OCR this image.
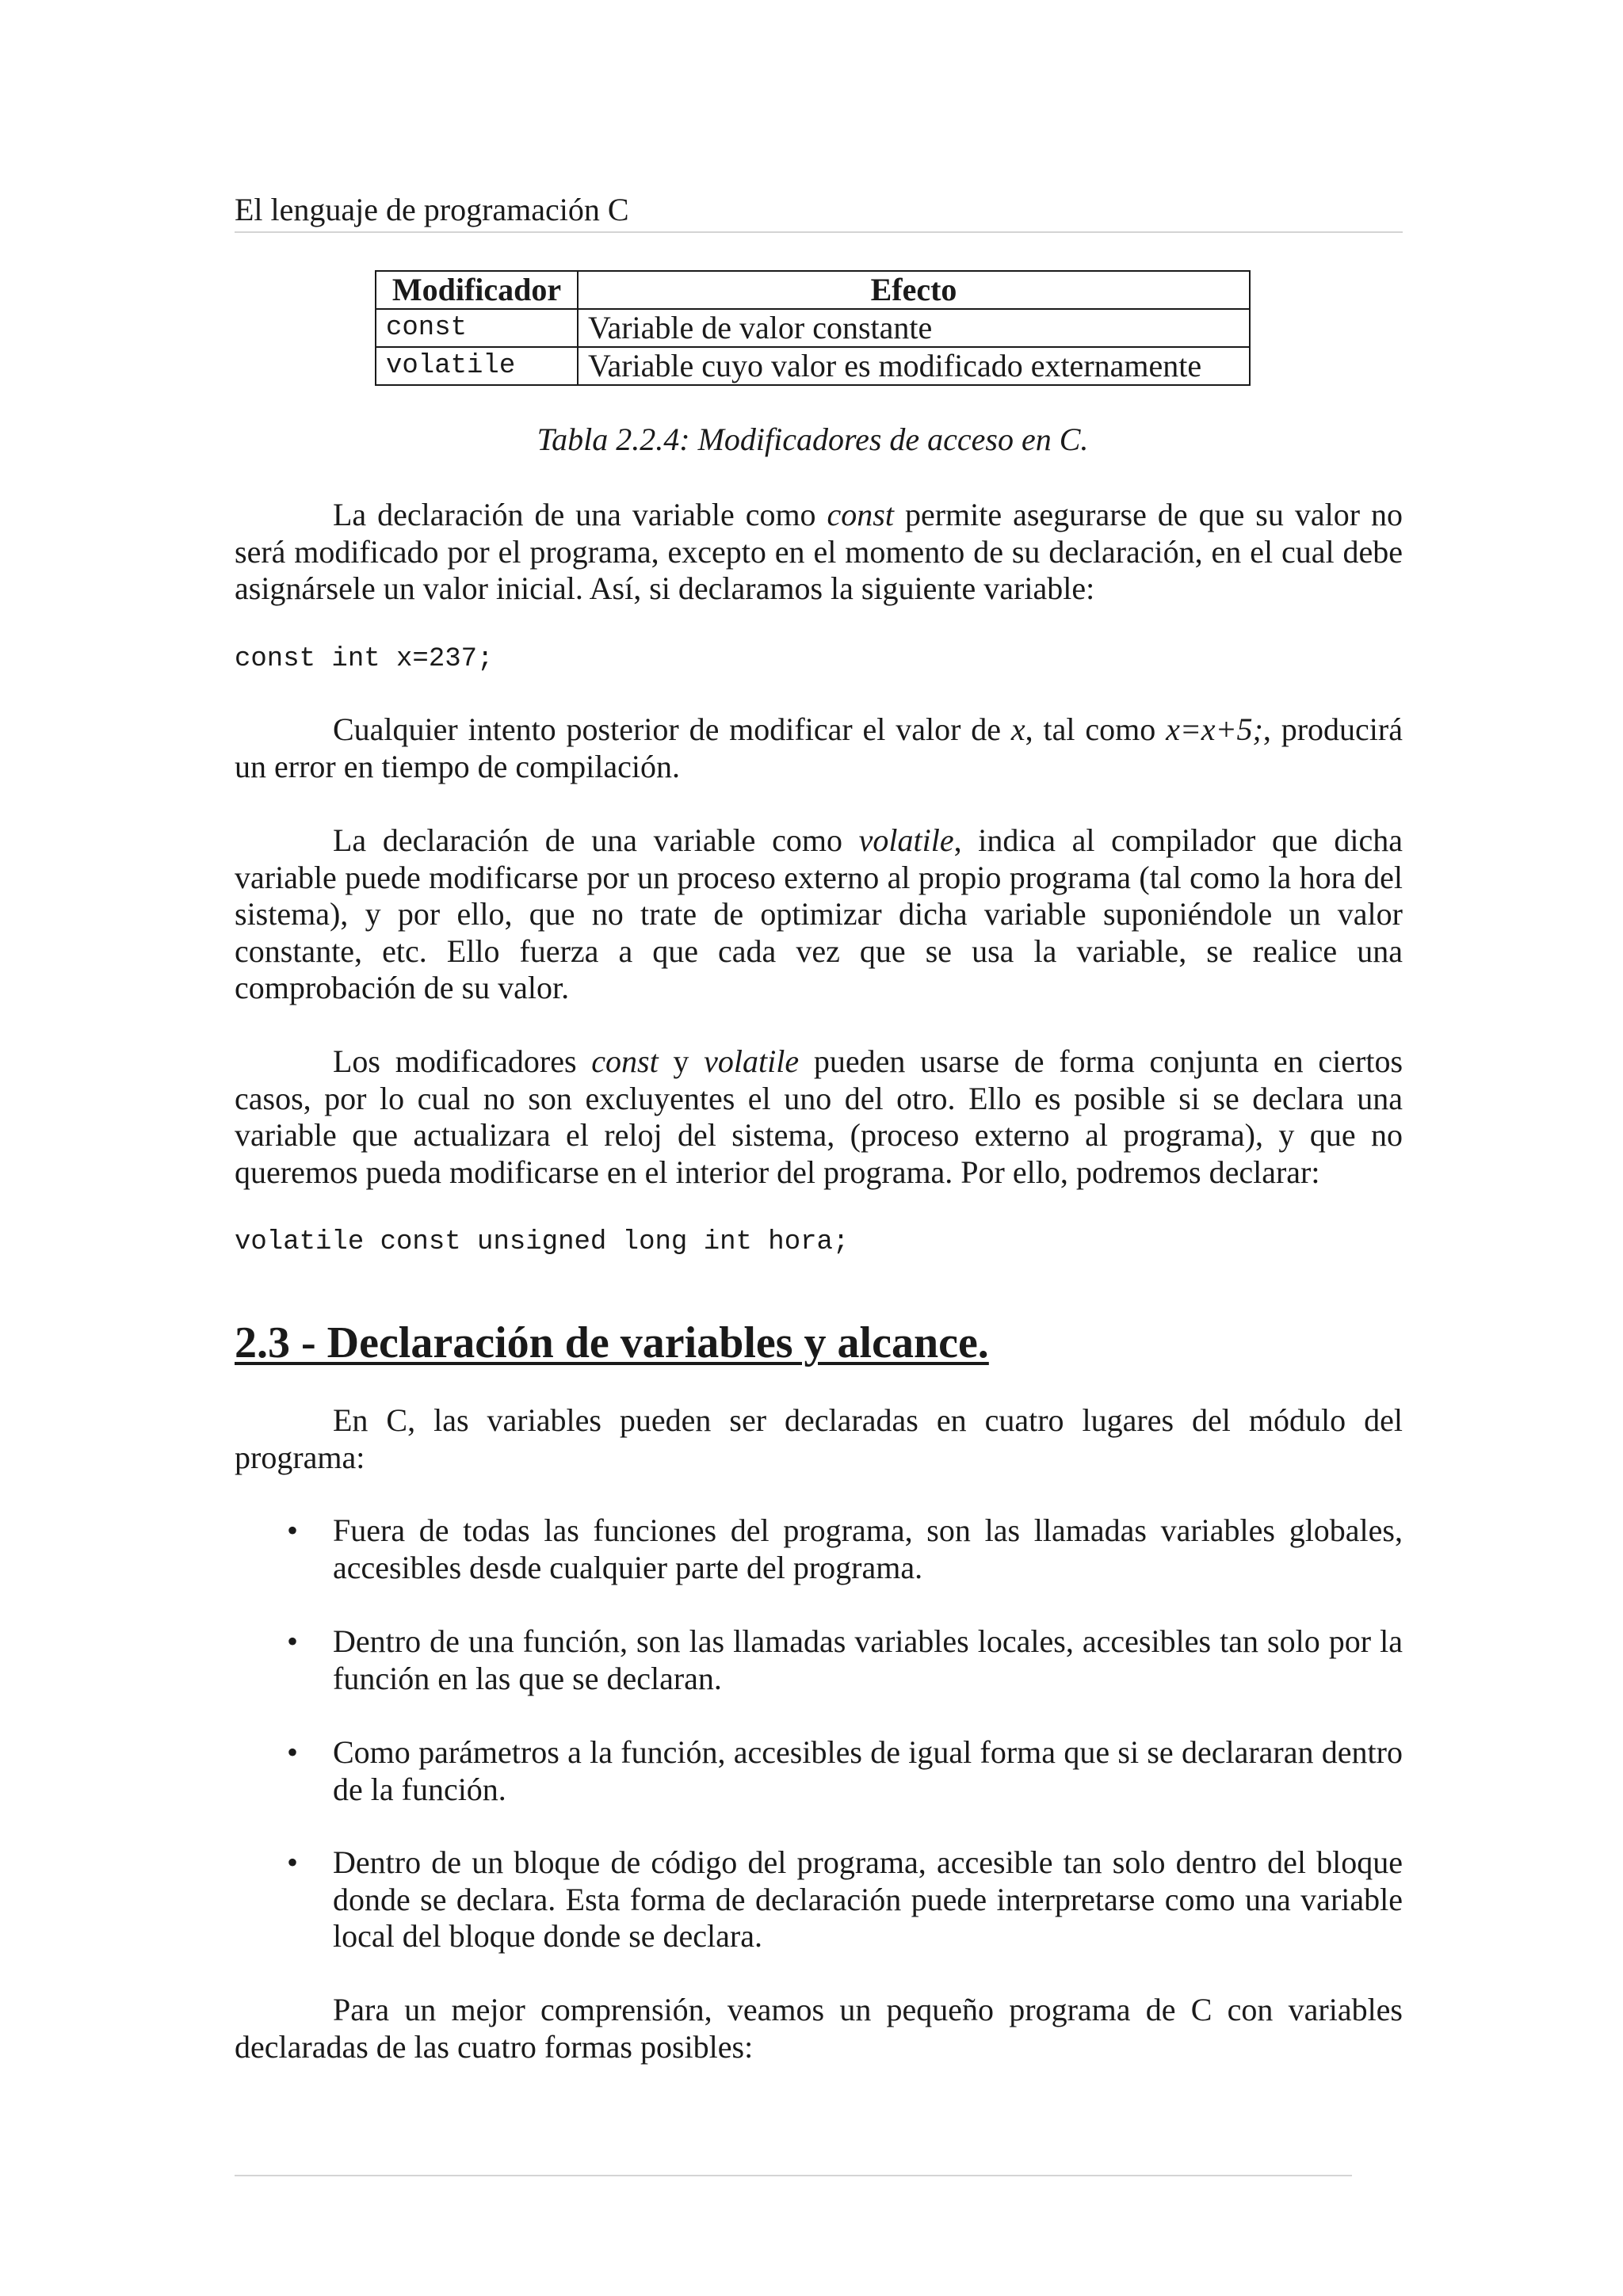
El lenguaje de programación C
Modificador	Efecto
const	Variable de valor constante
volatile	Variable cuyo valor es modificado externamente
Tabla 2.2.4: Modificadores de acceso en C.

La declaración de una variable como const permite asegurarse de que su valor no será modificado por el programa, excepto en el momento de su declaración, en el cual debe asignársele un valor inicial. Así, si declaramos la siguiente variable:

const int x=237;

Cualquier intento posterior de modificar el valor de x, tal como x=x+5;, producirá un error en tiempo de compilación.

La declaración de una variable como volatile, indica al compilador que dicha variable puede modificarse por un proceso externo al propio programa (tal como la hora del sistema), y por ello, que no trate de optimizar dicha variable suponiéndole un valor constante, etc. Ello fuerza a que cada vez que se usa la variable, se realice una comprobación de su valor.

Los modificadores const y volatile pueden usarse de forma conjunta en ciertos casos, por lo cual no son excluyentes el uno del otro. Ello es posible si se declara una variable que actualizara el reloj del sistema, (proceso externo al programa), y que no queremos pueda modificarse en el interior del programa. Por ello, podremos declarar:

volatile const unsigned long int hora;

2.3 - Declaración de variables y alcance.

En C, las variables pueden ser declaradas en cuatro lugares del módulo del programa:

• Fuera de todas las funciones del programa, son las llamadas variables globales, accesibles desde cualquier parte del programa.

• Dentro de una función, son las llamadas variables locales, accesibles tan solo por la función en las que se declaran.

• Como parámetros a la función, accesibles de igual forma que si se declararan dentro de la función.

• Dentro de un bloque de código del programa, accesible tan solo dentro del bloque donde se declara. Esta forma de declaración puede interpretarse como una variable local del bloque donde se declara.

Para un mejor comprensión, veamos un pequeño programa de C con variables declaradas de las cuatro formas posibles:
